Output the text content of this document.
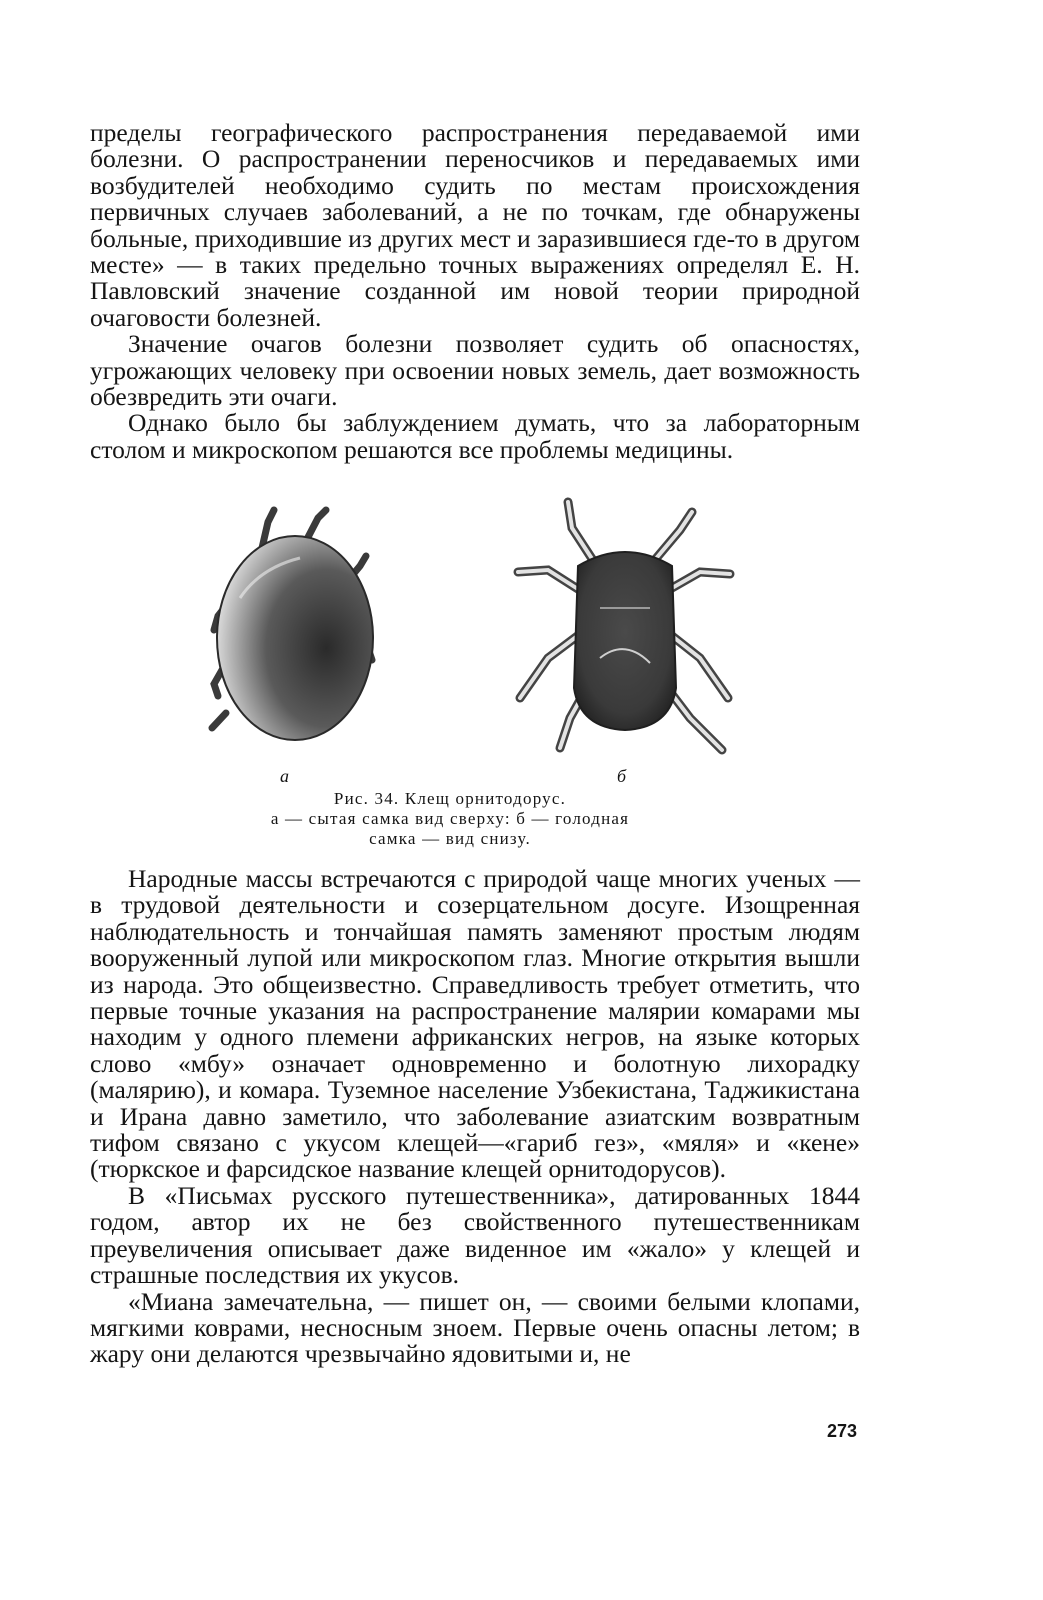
пределы географического распространения передаваемой ими болезни. О распространении переносчиков и передаваемых ими возбудителей необходимо судить по местам происхождения первичных случаев заболеваний, а не по точкам, где обнаружены больные, приходившие из других мест и заразившиеся где-то в другом месте» — в таких предельно точных выражениях определял Е. Н. Павловский значение созданной им новой теории природной очаговости болезней.

Значение очагов болезни позволяет судить об опасностях, угрожающих человеку при освоении новых земель, дает возможность обезвредить эти очаги.

Однако было бы заблуждением думать, что за лабораторным столом и микроскопом решаются все проблемы медицины.

а	б
Рис. 34. Клещ орнитодорус.
а — сытая самка вид сверху: б — голодная
самка — вид снизу.

Народные массы встречаются с природой чаще многих ученых — в трудовой деятельности и созерцательном досуге. Изощренная наблюдательность и тончайшая память заменяют простым людям вооруженный лупой или микроскопом глаз. Многие открытия вышли из народа. Это общеизвестно. Справедливость требует отметить, что первые точные указания на распространение малярии комарами мы находим у одного племени африканских негров, на языке которых слово «мбу» означает одновременно и болотную лихорадку (малярию), и комара. Туземное население Узбекистана, Таджикистана и Ирана давно заметило, что заболевание азиатским возвратным тифом связано с укусом клещей—«гариб гез», «мяля» и «кене» (тюркское и фарсидское название клещей орнитодорусов).

В «Письмах русского путешественника», датированных 1844 годом, автор их не без свойственного путешественникам преувеличения описывает даже виденное им «жало» у клещей и страшные последствия их укусов.

«Миана замечательна, — пишет он, — своими белыми клопами, мягкими коврами, несносным зноем. Первые очень опасны летом; в жару они делаются чрезвычайно ядовитыми и, не

273
